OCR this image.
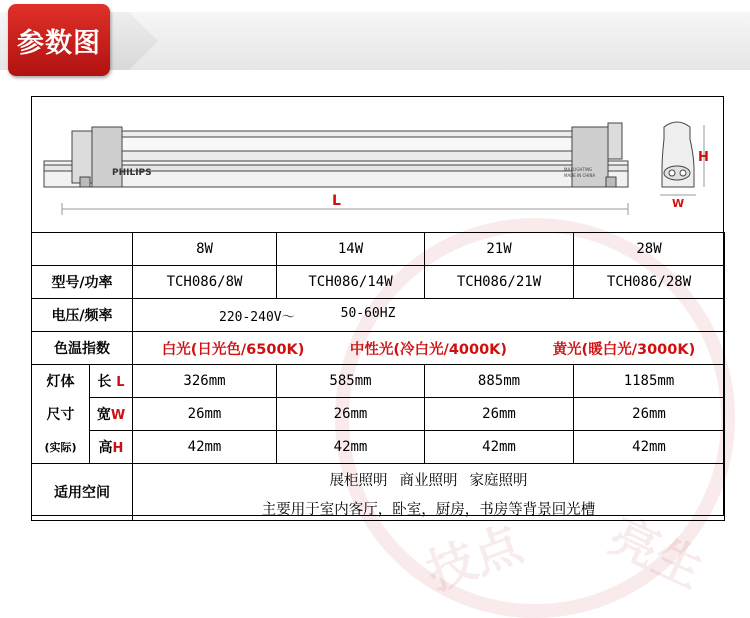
技点 亮生
参数图
PHILIPS	MAXLIGHTING
MADE IN CHINA
L
H
W
		8W	14W	21W	28W
型号/功率		TCH086/8W	TCH086/14W	TCH086/21W	TCH086/28W
电压/频率		220-240V～ 50-60HZ			

色温指数		白光(日光色/6500K) 中性光(冷白光/4000K) 黄光(暖白光/3000K)			

灯体	长 L	326mm	585mm	885mm	1185mm
尺寸	宽W	26mm	26mm	26mm	26mm
(实际)	高H	42mm	42mm	42mm	42mm
适用空间		展柜照明 商业照明 家庭照明
主要用于室内客厅，卧室，厨房，书房等背景回光槽			
